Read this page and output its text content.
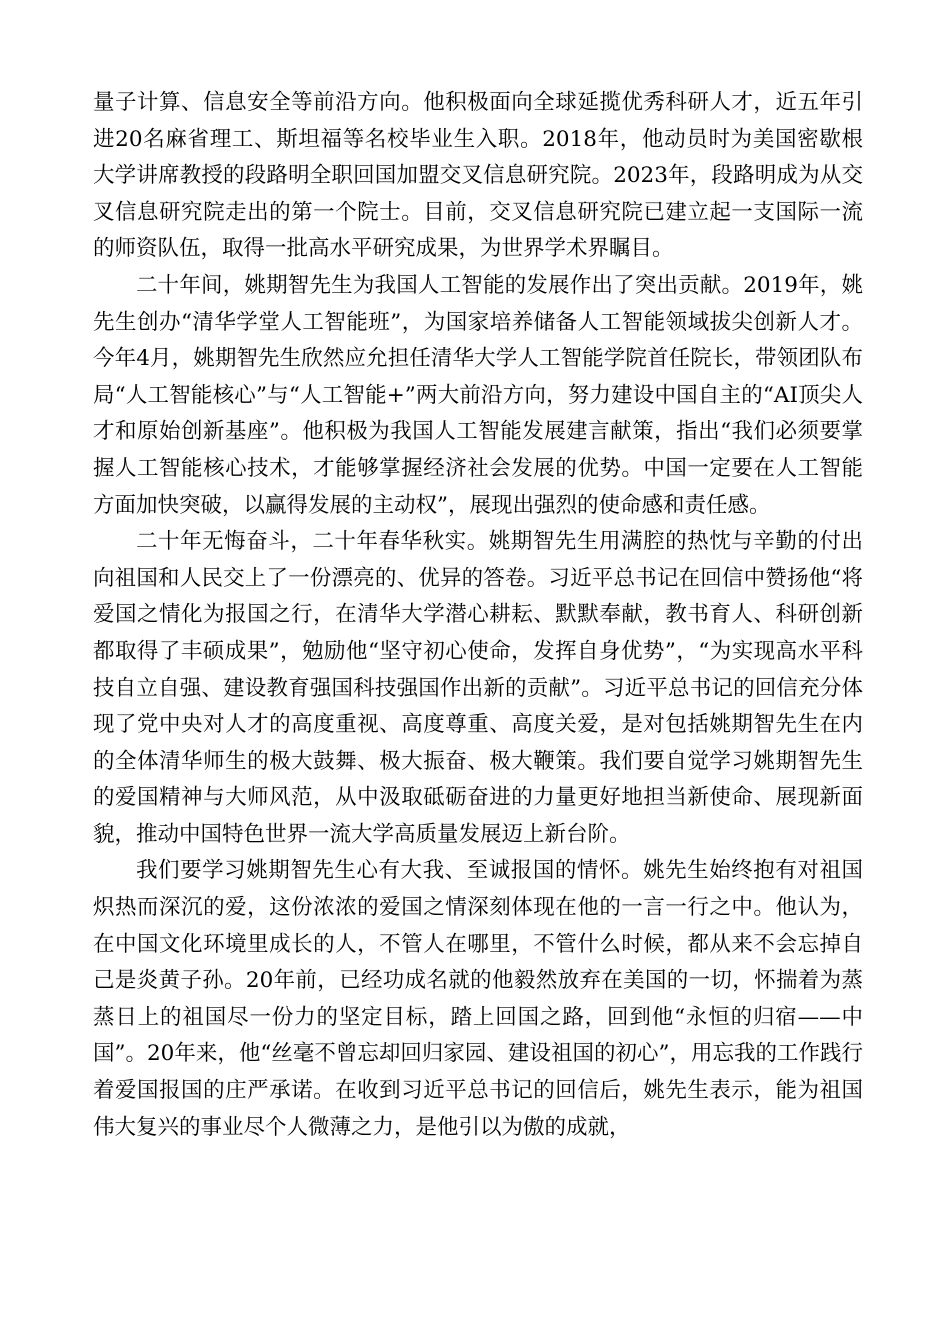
量子计算、信息安全等前沿方向。他积极面向全球延揽优秀科研人才，近五年引进20名麻省理工、斯坦福等名校毕业生入职。2018年，他动员时为美国密歇根大学讲席教授的段路明全职回国加盟交叉信息研究院。2023年，段路明成为从交叉信息研究院走出的第一个院士。目前，交叉信息研究院已建立起一支国际一流的师资队伍，取得一批高水平研究成果，为世界学术界瞩目。

二十年间，姚期智先生为我国人工智能的发展作出了突出贡献。2019年，姚先生创办“清华学堂人工智能班”，为国家培养储备人工智能领域拔尖创新人才。今年4月，姚期智先生欣然应允担任清华大学人工智能学院首任院长，带领团队布局“人工智能核心”与“人工智能+”两大前沿方向，努力建设中国自主的“AI顶尖人才和原始创新基座”。他积极为我国人工智能发展建言献策，指出“我们必须要掌握人工智能核心技术，才能够掌握经济社会发展的优势。中国一定要在人工智能方面加快突破，以赢得发展的主动权”，展现出强烈的使命感和责任感。

二十年无悔奋斗，二十年春华秋实。姚期智先生用满腔的热忱与辛勤的付出向祖国和人民交上了一份漂亮的、优异的答卷。习近平总书记在回信中赞扬他“将爱国之情化为报国之行，在清华大学潜心耕耘、默默奉献，教书育人、科研创新都取得了丰硕成果”，勉励他“坚守初心使命，发挥自身优势”，“为实现高水平科技自立自强、建设教育强国科技强国作出新的贡献”。习近平总书记的回信充分体现了党中央对人才的高度重视、高度尊重、高度关爱，是对包括姚期智先生在内的全体清华师生的极大鼓舞、极大振奋、极大鞭策。我们要自觉学习姚期智先生的爱国精神与大师风范，从中汲取砥砺奋进的力量更好地担当新使命、展现新面貌，推动中国特色世界一流大学高质量发展迈上新台阶。

我们要学习姚期智先生心有大我、至诚报国的情怀。姚先生始终抱有对祖国炽热而深沉的爱，这份浓浓的爱国之情深刻体现在他的一言一行之中。他认为，在中国文化环境里成长的人，不管人在哪里，不管什么时候，都从来不会忘掉自己是炎黄子孙。20年前，已经功成名就的他毅然放弃在美国的一切，怀揣着为蒸蒸日上的祖国尽一份力的坚定目标，踏上回国之路，回到他“永恒的归宿——中国”。20年来，他“丝毫不曾忘却回归家园、建设祖国的初心”，用忘我的工作践行着爱国报国的庄严承诺。在收到习近平总书记的回信后，姚先生表示，能为祖国伟大复兴的事业尽个人微薄之力，是他引以为傲的成就，
